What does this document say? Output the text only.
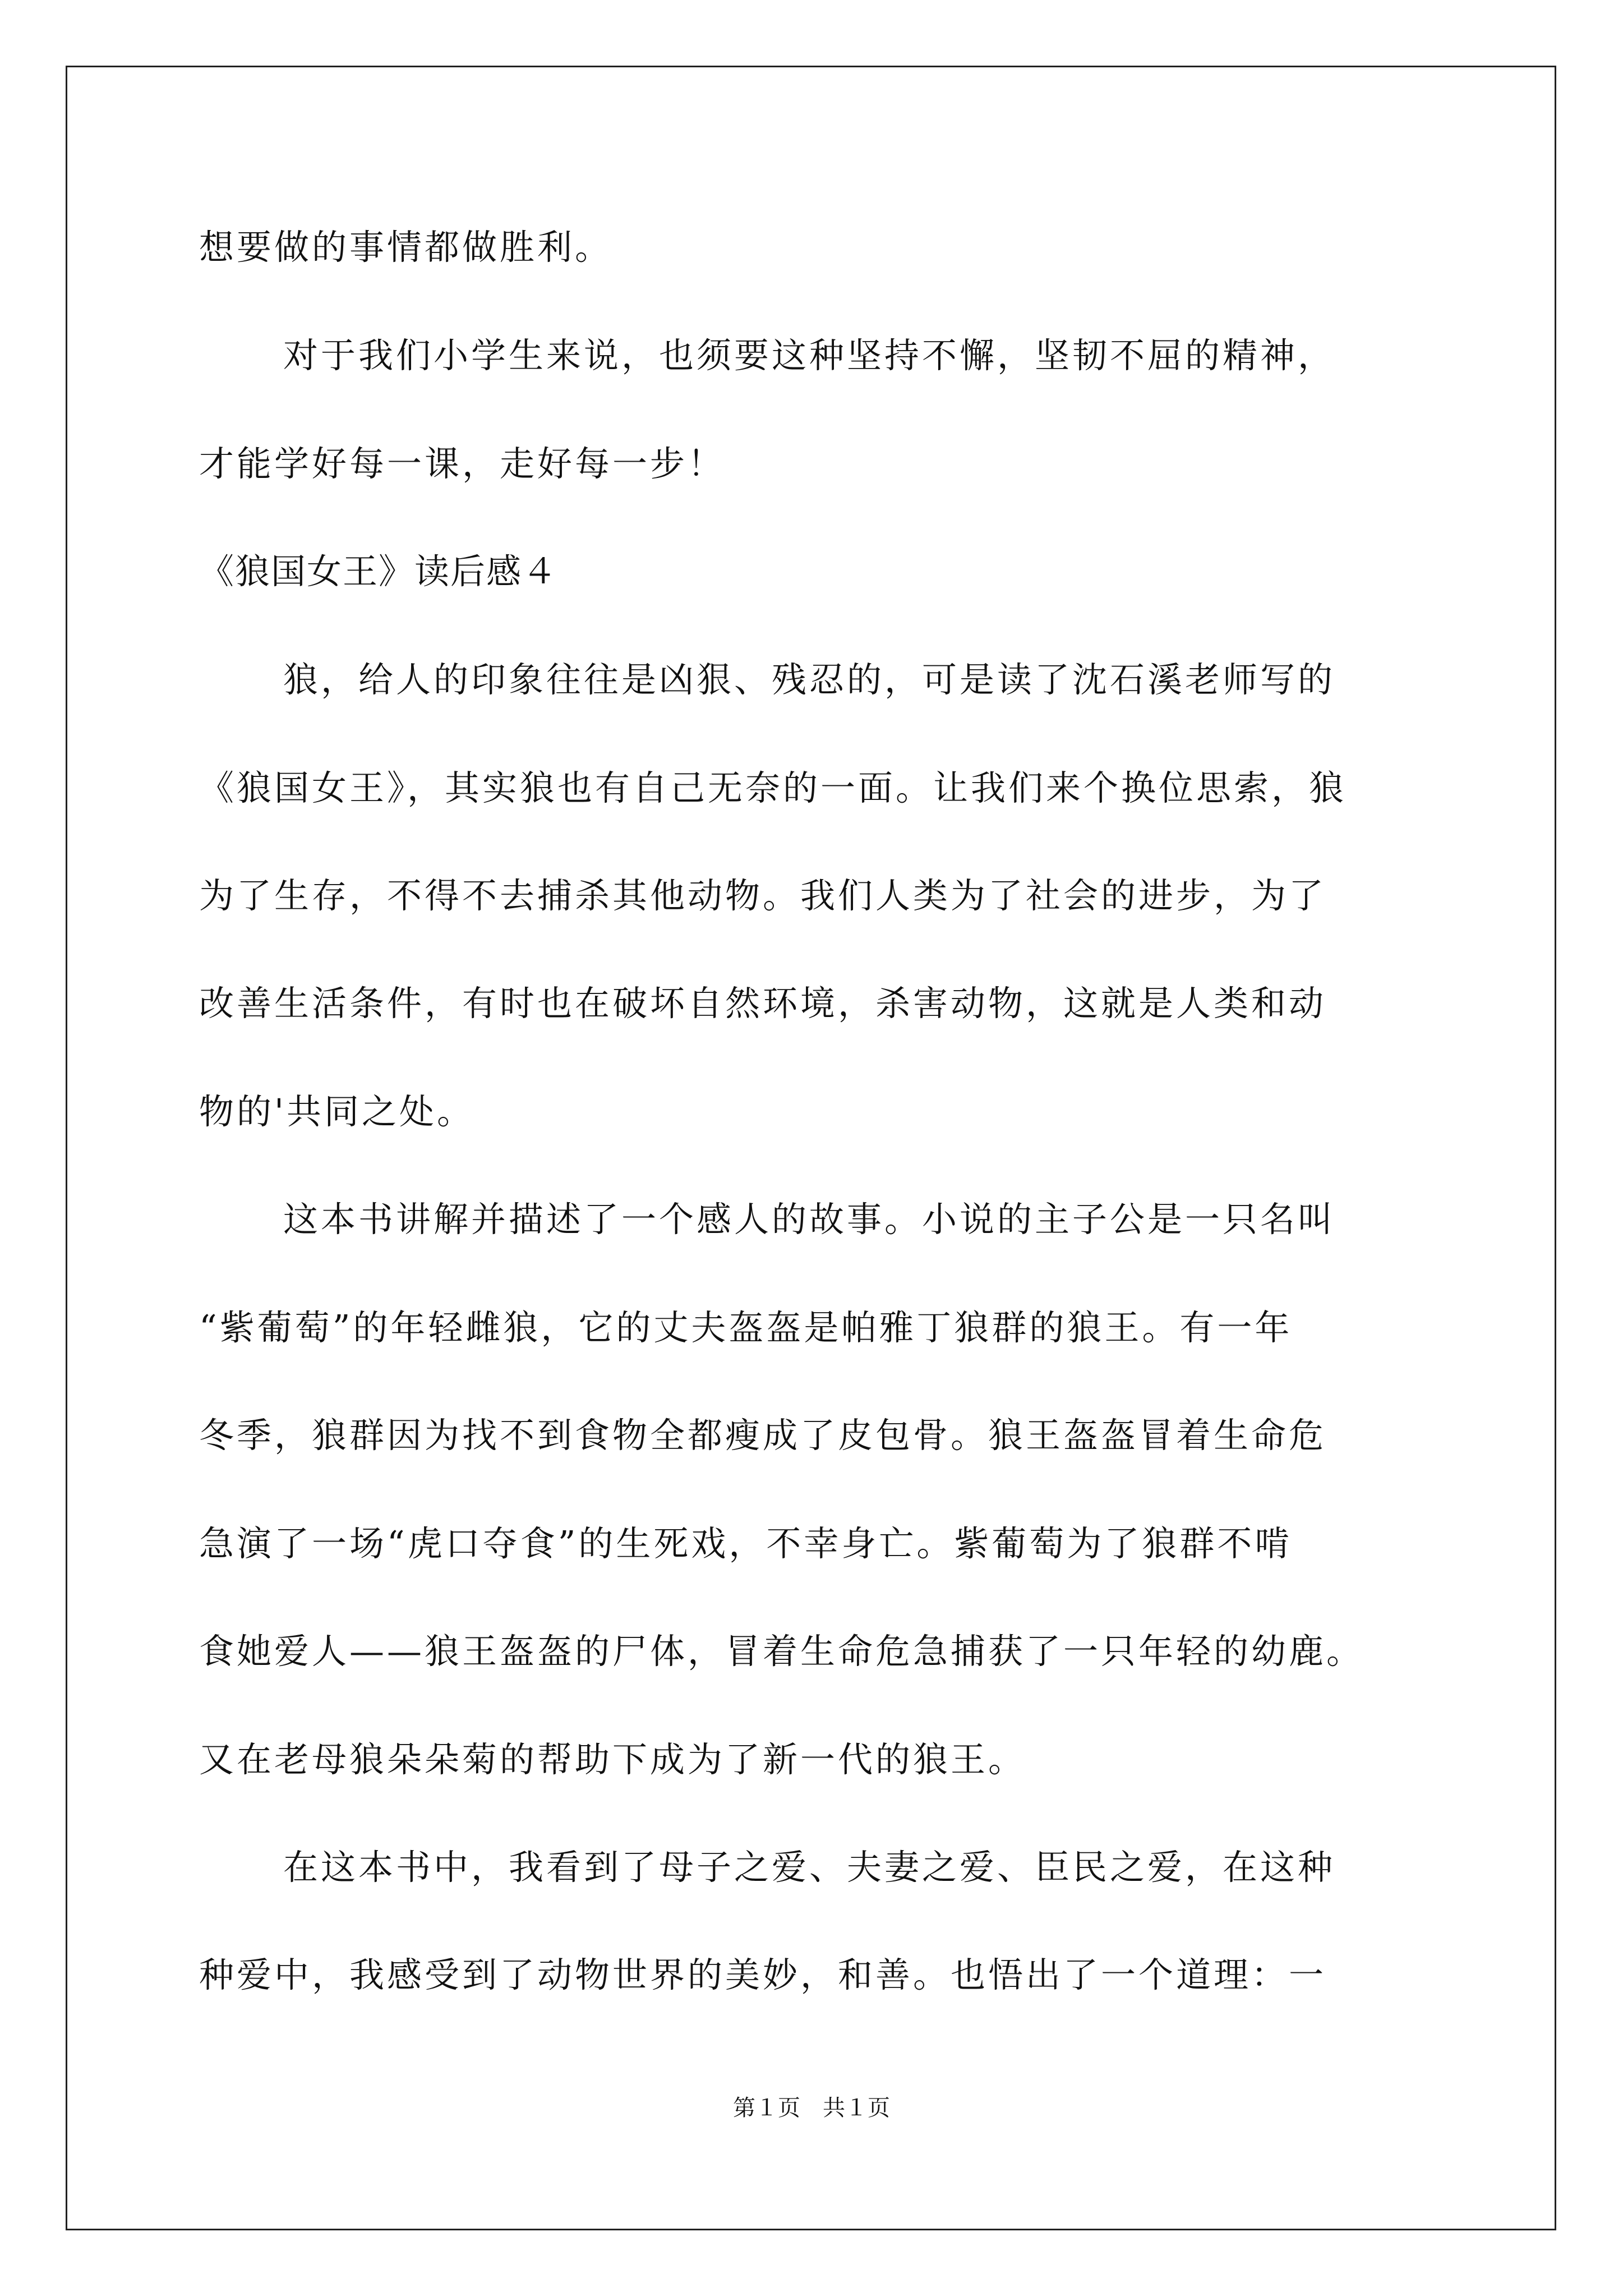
想要做的事情都做胜利。
对于我们小学生来说，也须要这种坚持不懈，坚韧不屈的精神，
才能学好每一课，走好每一步！
《狼国女王》读后感４
狼，给人的印象往往是凶狠、残忍的，可是读了沈石溪老师写的
《狼国女王》，其实狼也有自己无奈的一面。让我们来个换位思索，狼
为了生存，不得不去捕杀其他动物。我们人类为了社会的进步，为了
改善生活条件，有时也在破坏自然环境，杀害动物，这就是人类和动
物的'共同之处。
这本书讲解并描述了一个感人的故事。小说的主子公是一只名叫
“紫葡萄”的年轻雌狼，它的丈夫盔盔是帕雅丁狼群的狼王。有一年
冬季，狼群因为找不到食物全都瘦成了皮包骨。狼王盔盔冒着生命危
急演了一场“虎口夺食”的生死戏，不幸身亡。紫葡萄为了狼群不啃
食她爱人——狼王盔盔的尸体，冒着生命危急捕获了一只年轻的幼鹿。
又在老母狼朵朵菊的帮助下成为了新一代的狼王。
在这本书中，我看到了母子之爱、夫妻之爱、臣民之爱，在这种
种爱中，我感受到了动物世界的美妙，和善。也悟出了一个道理：一
第１页　共１页
